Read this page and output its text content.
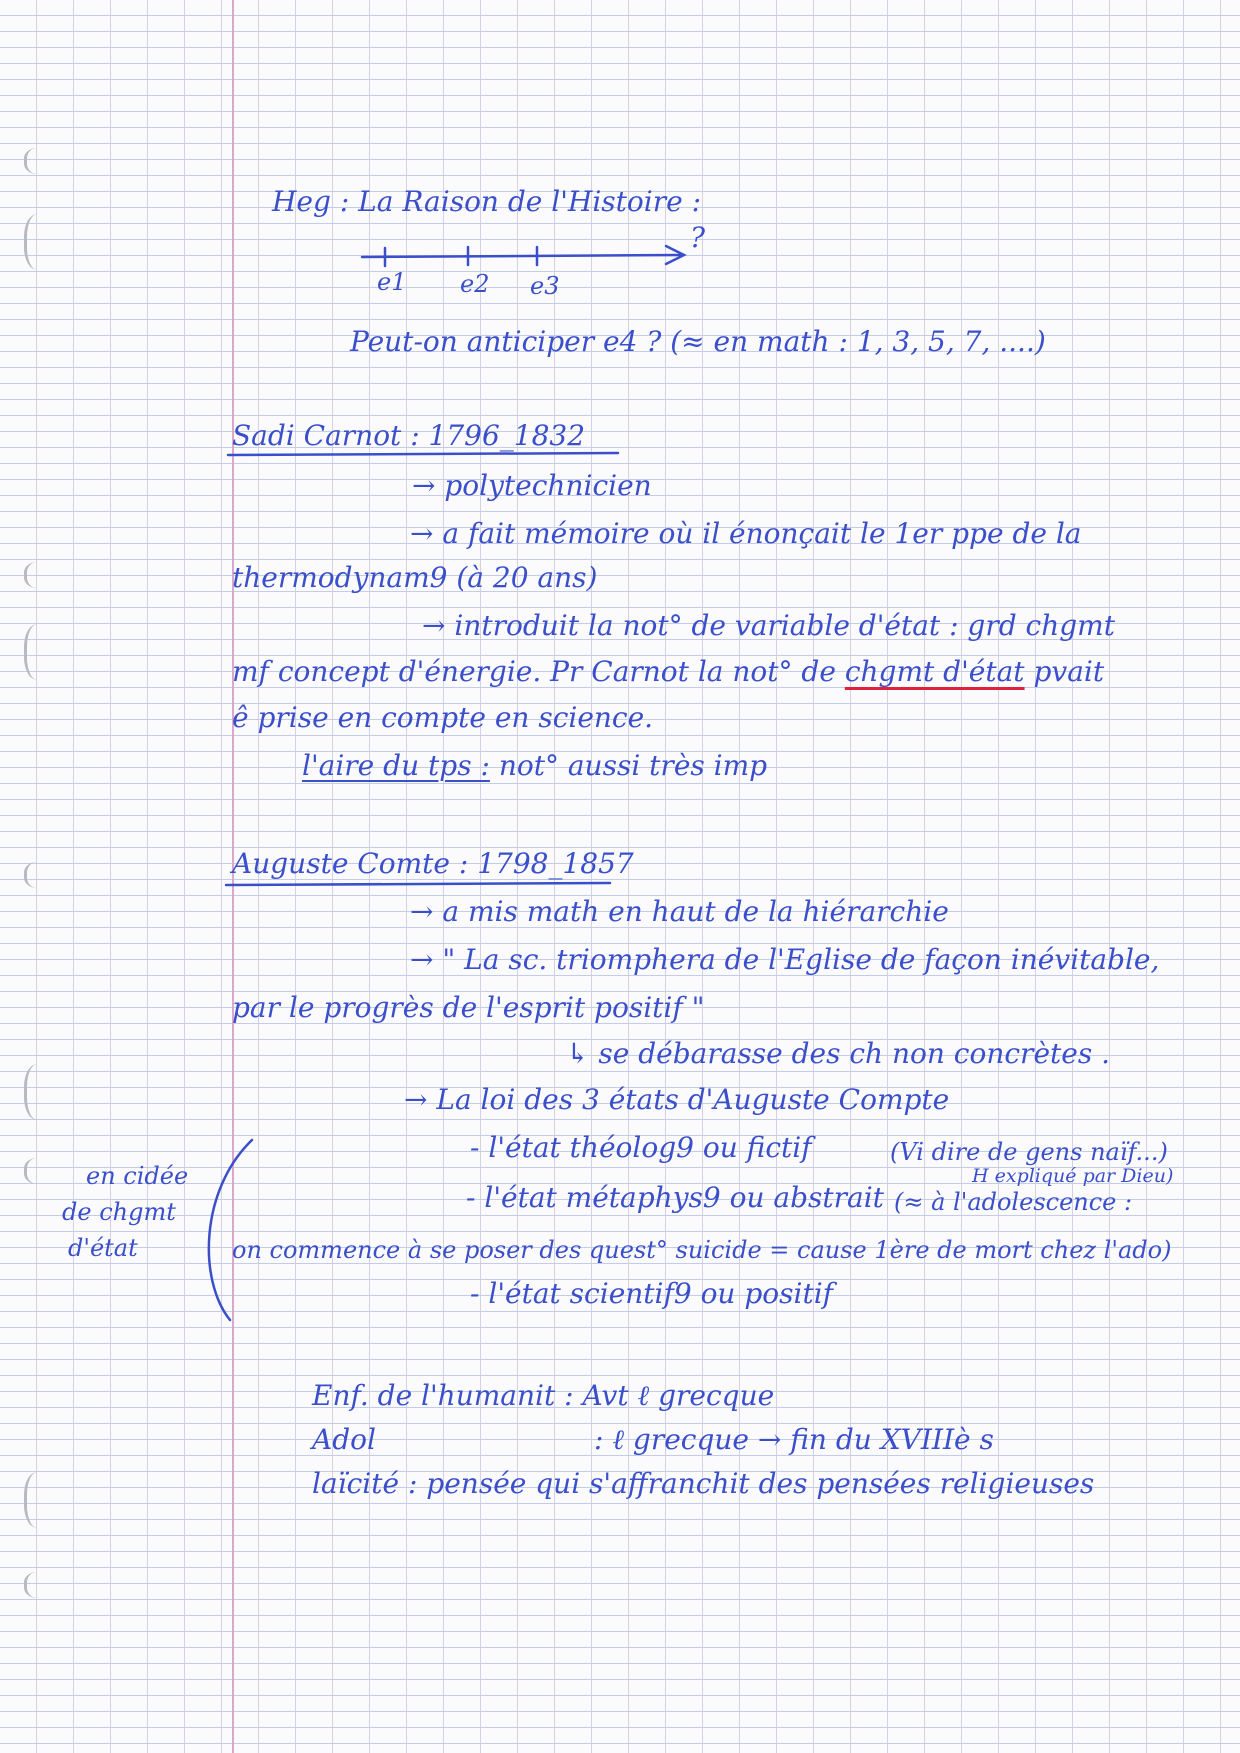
Heg : La Raison de l'Histoire :
?
e1 e2 e3
Peut-on anticiper e4 ? (≈ en math : 1, 3, 5, 7, ....)
Sadi Carnot : 1796_1832
→ polytechnicien
→ a fait mémoire où il énonçait le 1er ppe de la
thermodynam9 (à 20 ans)
→ introduit la not° de variable d'état : grd chgmt
mf concept d'énergie. Pr Carnot la not° de chgmt d'état pvait
ê prise en compte en science.
l'aire du tps : not° aussi très imp
Auguste Comte : 1798_1857
→ a mis math en haut de la hiérarchie
→ " La sc. triomphera de l'Eglise de façon inévitable,
par le progrès de l'esprit positif "
↳ se débarasse des ch non concrètes .
→ La loi des 3 états d'Auguste Compte
- l'état théolog9 ou fictif	(Vi dire de gens naïf...)
H expliqué par Dieu)
- l'état métaphys9 ou abstrait (≈ à l'adolescence :
on commence à se poser des quest° suicide = cause 1ère de mort chez l'ado)
- l'état scientif9 ou positif
en cidée
de chgmt
d'état
Enf. de l'humanit : Avt ℓ grecque
Adol	: ℓ grecque → fin du XVIIIè s
laïcité : pensée qui s'affranchit des pensées religieuses
